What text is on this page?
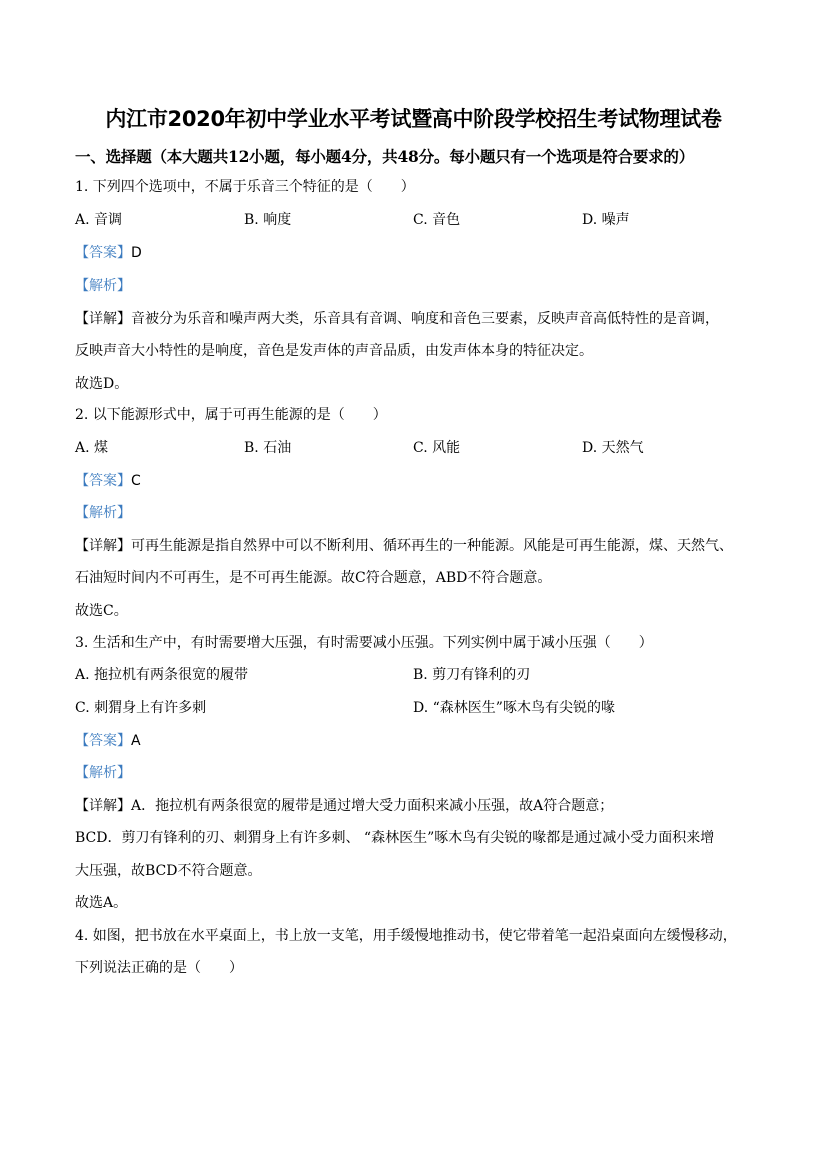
内江市2020年初中学业水平考试暨高中阶段学校招生考试物理试卷
一、选择题（本大题共12小题，每小题4分，共48分。每小题只有一个选项是符合要求的）
1. 下列四个选项中，不属于乐音三个特征的是（　　）
A. 音调	B. 响度	C. 音色	D. 噪声
【答案】D
【解析】
【详解】音被分为乐音和噪声两大类，乐音具有音调、响度和音色三要素，反映声音高低特性的是音调，
反映声音大小特性的是响度，音色是发声体的声音品质，由发声体本身的特征决定。
故选D。
2. 以下能源形式中，属于可再生能源的是（　　）
A. 煤	B. 石油	C. 风能	D. 天然气
【答案】C
【解析】
【详解】可再生能源是指自然界中可以不断利用、循环再生的一种能源。风能是可再生能源，煤、天然气、
石油短时间内不可再生，是不可再生能源。故C符合题意，ABD不符合题意。
故选C。
3. 生活和生产中，有时需要增大压强，有时需要减小压强。下列实例中属于减小压强（　　）
A. 拖拉机有两条很宽的履带	B. 剪刀有锋利的刃
C. 刺猬身上有许多刺	D. “森林医生”啄木鸟有尖锐的喙
【答案】A
【解析】
【详解】A．拖拉机有两条很宽的履带是通过增大受力面积来减小压强，故A符合题意；
BCD．剪刀有锋利的刃、刺猬身上有许多刺、 “森林医生”啄木鸟有尖锐的喙都是通过减小受力面积来增
大压强，故BCD不符合题意。
故选A。
4. 如图，把书放在水平桌面上，书上放一支笔，用手缓慢地推动书，使它带着笔一起沿桌面向左缓慢移动，
下列说法正确的是（　　）
